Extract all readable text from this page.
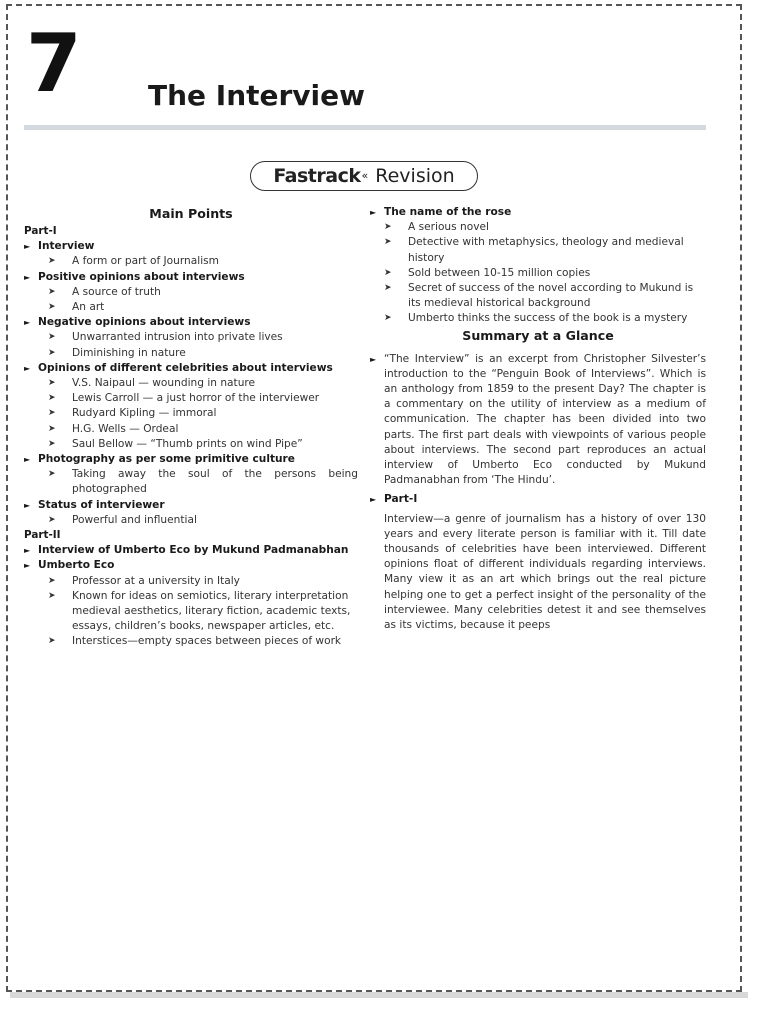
7 The Interview
Fastrack« Revision
Main Points
Part-I
► Interview
➤ A form or part of Journalism
► Positive opinions about interviews
➤ A source of truth
➤ An art
► Negative opinions about interviews
➤ Unwarranted intrusion into private lives
➤ Diminishing in nature
► Opinions of different celebrities about interviews
➤ V.S. Naipaul — wounding in nature
➤ Lewis Carroll — a just horror of the interviewer
➤ Rudyard Kipling — immoral
➤ H.G. Wells — Ordeal
➤ Saul Bellow — “Thumb prints on wind Pipe”
► Photography as per some primitive culture
➤ Taking away the soul of the persons being photographed
► Status of interviewer
➤ Powerful and influential
Part-II
► Interview of Umberto Eco by Mukund Padmanabhan
► Umberto Eco
➤ Professor at a university in Italy
➤ Known for ideas on semiotics, literary interpretation medieval aesthetics, literary fiction, academic texts, essays, children’s books, newspaper articles, etc.
➤ Interstices—empty spaces between pieces of work
► The name of the rose
➤ A serious novel
➤ Detective with metaphysics, theology and medieval history
➤ Sold between 10-15 million copies
➤ Secret of success of the novel according to Mukund is its medieval historical background
➤ Umberto thinks the success of the book is a mystery
Summary at a Glance
► “The Interview” is an excerpt from Christopher Silvester’s introduction to the “Penguin Book of Interviews”. Which is an anthology from 1859 to the present Day? The chapter is a commentary on the utility of interview as a medium of communication. The chapter has been divided into two parts. The first part deals with viewpoints of various people about interviews. The second part reproduces an actual interview of Umberto Eco conducted by Mukund Padmanabhan from ‘The Hindu’.
► Part-I
Interview—a genre of journalism has a history of over 130 years and every literate person is familiar with it. Till date thousands of celebrities have been interviewed. Different opinions float of different individuals regarding interviews. Many view it as an art which brings out the real picture helping one to get a perfect insight of the personality of the interviewee. Many celebrities detest it and see themselves as its victims, because it peeps
